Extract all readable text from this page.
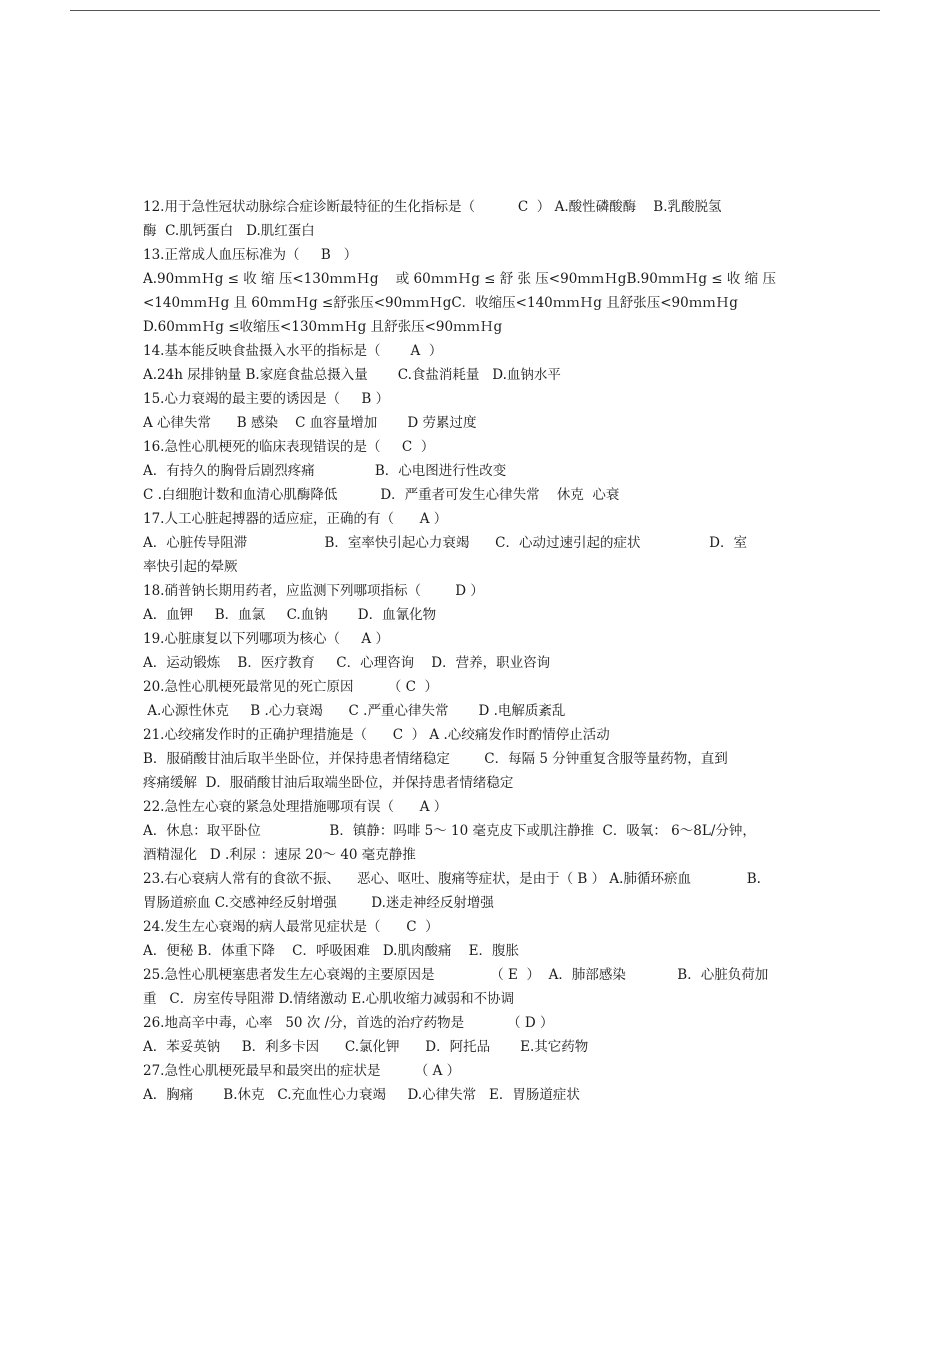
12.用于急性冠状动脉综合症诊断最特征的生化指标是（          C  ） A.酸性磷酸酶    B.乳酸脱氢
酶  C.肌钙蛋白   D.肌红蛋白
13.正常成人血压标准为（     B   ）
A.90ｍｍＨg ≤ 收 缩 压<130ｍｍＨg    或 60ｍｍＨg ≤ 舒 张 压<90ｍｍＨgB.90ｍｍＨg ≤ 收 缩 压
<140ｍｍＨg 且 60ｍｍＨg ≤舒张压<90ｍｍＨgC．收缩压<140ｍｍＨg 且舒张压<90ｍｍＨg
D.60ｍｍＨg ≤收缩压<130ｍｍＨg 且舒张压<90ｍｍＨg
14.基本能反映食盐摄入水平的指标是（       A  ）
A.24h 尿排钠量 B.家庭食盐总摄入量       C.食盐消耗量   D.血钠水平
15.心力衰竭的最主要的诱因是（     B ）
A 心律失常      B 感染    C 血容量增加       D 劳累过度
16.急性心肌梗死的临床表现错误的是（     C  ）
A．有持久的胸骨后剧烈疼痛              B．心电图进行性改变
C .白细胞计数和血清心肌酶降低          D．严重者可发生心律失常    休克  心衰
17.人工心脏起搏器的适应症，正确的有（      A ）
A．心脏传导阻滞                  B．室率快引起心力衰竭      C．心动过速引起的症状                D．室
率快引起的晕厥
18.硝普钠长期用药者，应监测下列哪项指标（        D ）
A．血钾     B．血氯     C.血钠       D．血氰化物
19.心脏康复以下列哪项为核心（     A ）
A．运动锻炼    B．医疗教育     C．心理咨询    D．营养，职业咨询
20.急性心肌梗死最常见的死亡原因        （ C  ）
A.心源性休克     B .心力衰竭      C .严重心律失常       D .电解质紊乱
21.心绞痛发作时的正确护理措施是（      C  ） A .心绞痛发作时酌情停止活动
B．服硝酸甘油后取半坐卧位，并保持患者情绪稳定        C．每隔 5 分钟重复含服等量药物，直到
疼痛缓解  D．服硝酸甘油后取端坐卧位，并保持患者情绪稳定
22.急性左心衰的紧急处理措施哪项有误（      A ）
A．休息：取平卧位                B．镇静：吗啡 5～ 10 毫克皮下或肌注静推  C．吸氧： 6～8L/分钟，
酒精湿化   D .利尿 ：速尿 20～ 40 毫克静推
23.右心衰病人常有的食欲不振、    恶心、呕吐、腹痛等症状，是由于（ B ） A.肺循环瘀血             B.
胃肠道瘀血 C.交感神经反射增强        D.迷走神经反射增强
24.发生左心衰竭的病人最常见症状是（      C  ）
A．便秘 B．体重下降    C．呼吸困难   D.肌肉酸痛    E．腹胀
25.急性心肌梗塞患者发生左心衰竭的主要原因是             （ E  ）  A．肺部感染            B．心脏负荷加
重   C．房室传导阻滞 D.情绪激动 E.心肌收缩力减弱和不协调
26.地高辛中毒，心率   50 次 /分，首选的治疗药物是          （ D ）
A．苯妥英钠     B．利多卡因      C.氯化钾      D．阿托品       E.其它药物
27.急性心肌梗死最早和最突出的症状是        （ A ）
A．胸痛       B.休克   C.充血性心力衰竭     D.心律失常   E．胃肠道症状
